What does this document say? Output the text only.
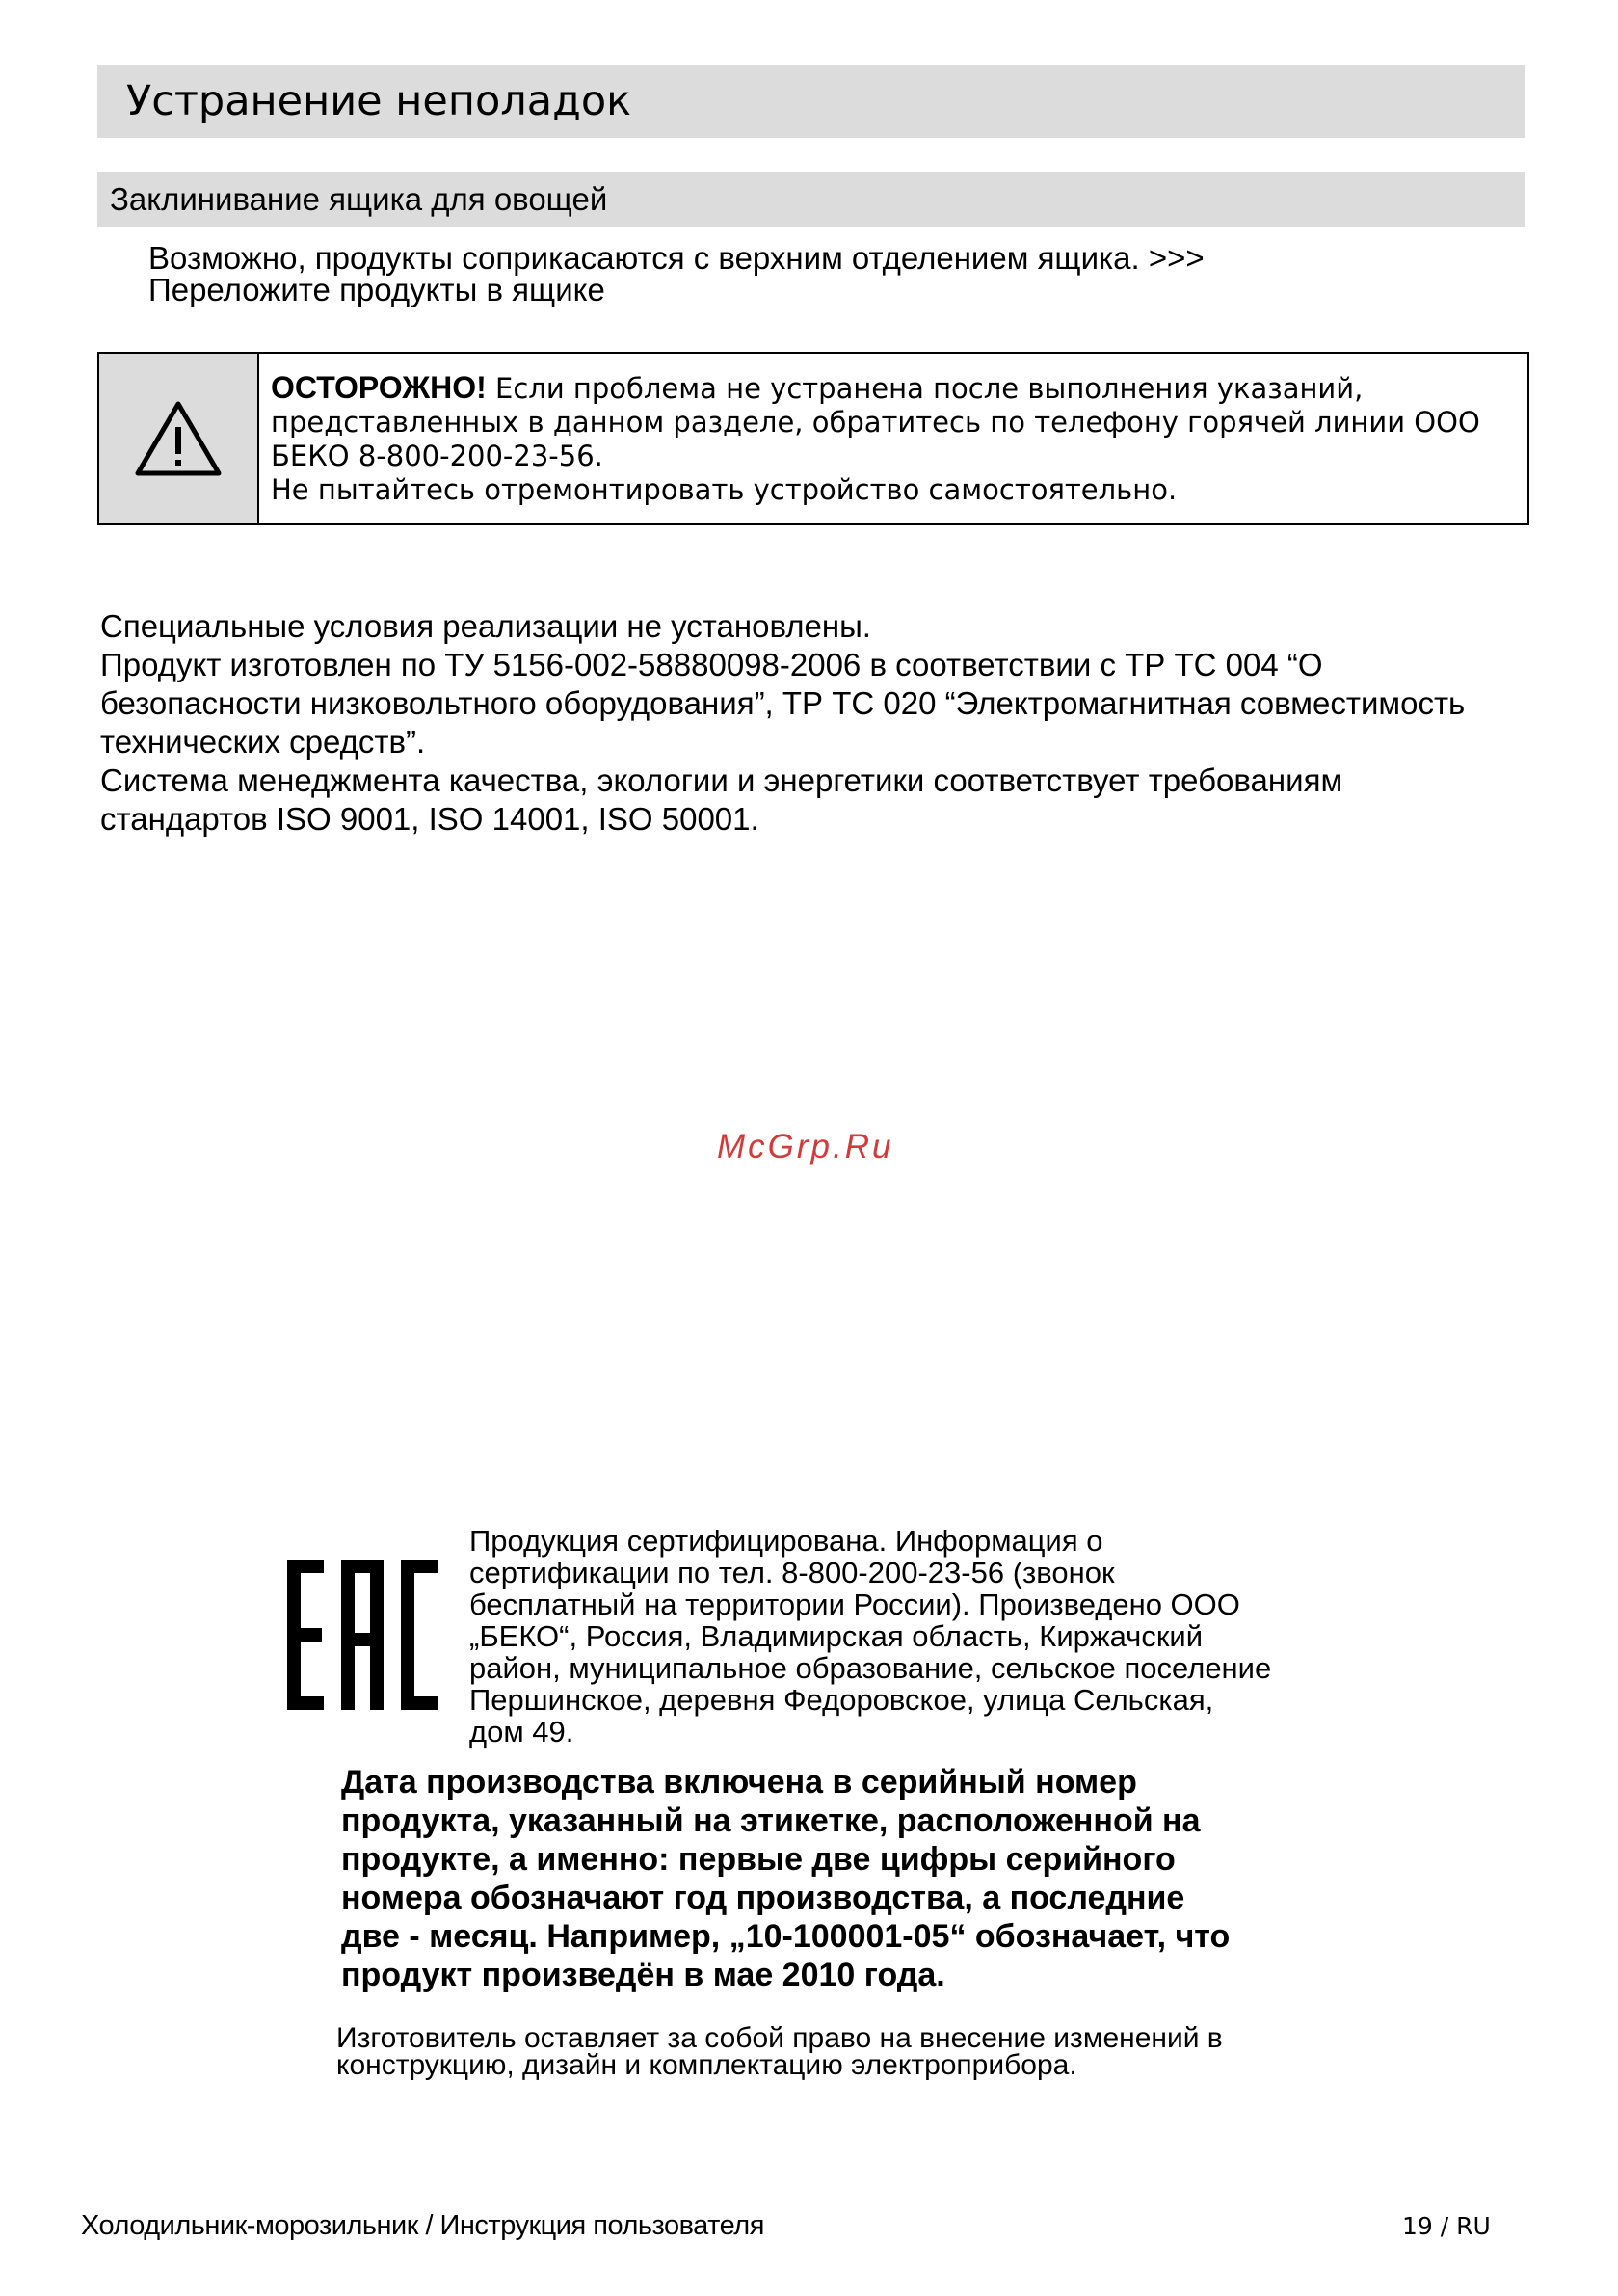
Устранение неполадок
Заклинивание ящика для овощей
Возможно, продукты соприкасаются с верхним отделением ящика. >>>
Переложите продукты в ящике
ОСТОРОЖНО! Если проблема не устранена после выполнения указаний,
представленных в данном разделе, обратитесь по телефону горячей линии ООО
БЕКО 8-800-200-23-56.
Не пытайтесь отремонтировать устройство самостоятельно.
Специальные условия реализации не установлены.
Продукт изготовлен по ТУ 5156-002-58880098-2006 в соответствии с ТР ТС 004 “О
безопасности низковольтного оборудования”, ТР ТС 020 “Электромагнитная совместимость
технических средств”.
Система менеджмента качества, экологии и энергетики соответствует требованиям
стандартов ISO 9001, ISO 14001, ISO 50001.
McGrp.Ru
Продукция сертифицирована. Информация о
сертификации по тел. 8-800-200-23-56 (звонок
бесплатный на территории России). Произведено ООО
„БЕКО“, Россия, Владимирская область, Киржачский
район, муниципальное образование, сельское поселение
Першинское, деревня Федоровское, улица Сельская,
дом 49.
Дата производства включена в серийный номер
продукта, указанный на этикетке, расположенной на
продукте, а именно: первые две цифры серийного
номера обозначают год производства, а последние
две - месяц. Например, „10-100001-05“ обозначает, что
продукт произведён в мае 2010 года.
Изготовитель оставляет за собой право на внесение изменений в
конструкцию, дизайн и комплектацию электроприбора.
Холодильник-морозильник / Инструкция пользователя	19 / RU
